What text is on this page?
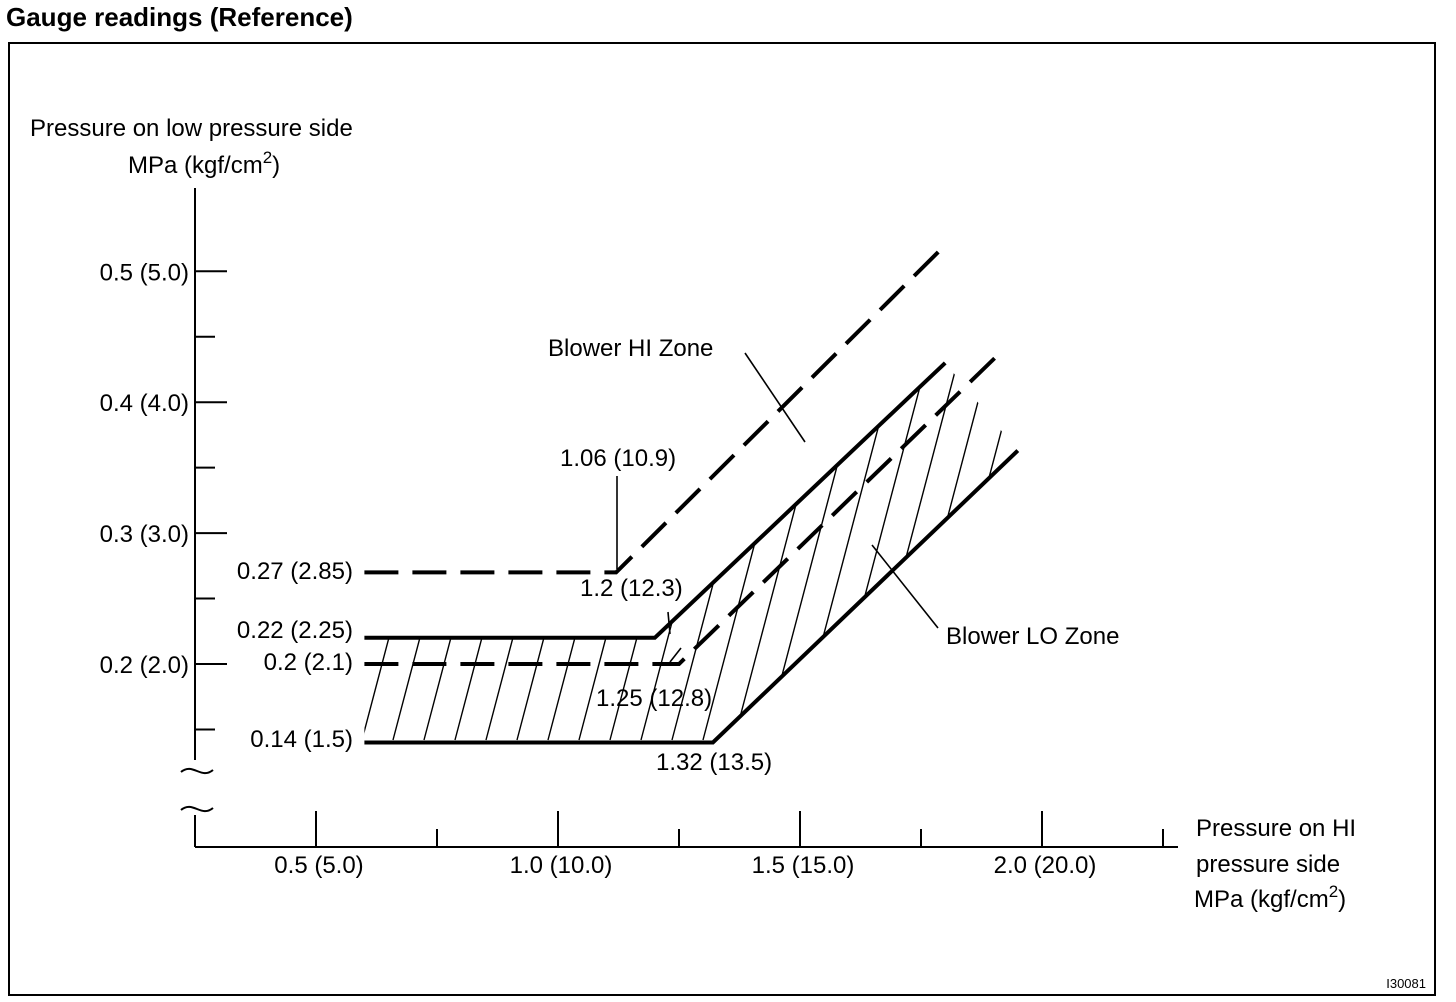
Gauge readings (Reference)
0.2 (2.0)
0.3 (3.0)
0.4 (4.0)
0.5 (5.0)
0.5 (5.0)	1.0 (10.0)	1.5 (15.0)	2.0 (20.0)
Pressure on low pressure side
MPa $(kgf/cm^2)$
Pressure on HI
pressure side
MPa $(kgf/cm^2)$
0.27 (2.85)
0.22 (2.25)
0.2 (2.1)
0.14 (1.5)
1.06 (10.9)
1.2 (12.3)
1.25 (12.8)
1.32 (13.5)
Blower HI Zone
Blower LO Zone
I30081
